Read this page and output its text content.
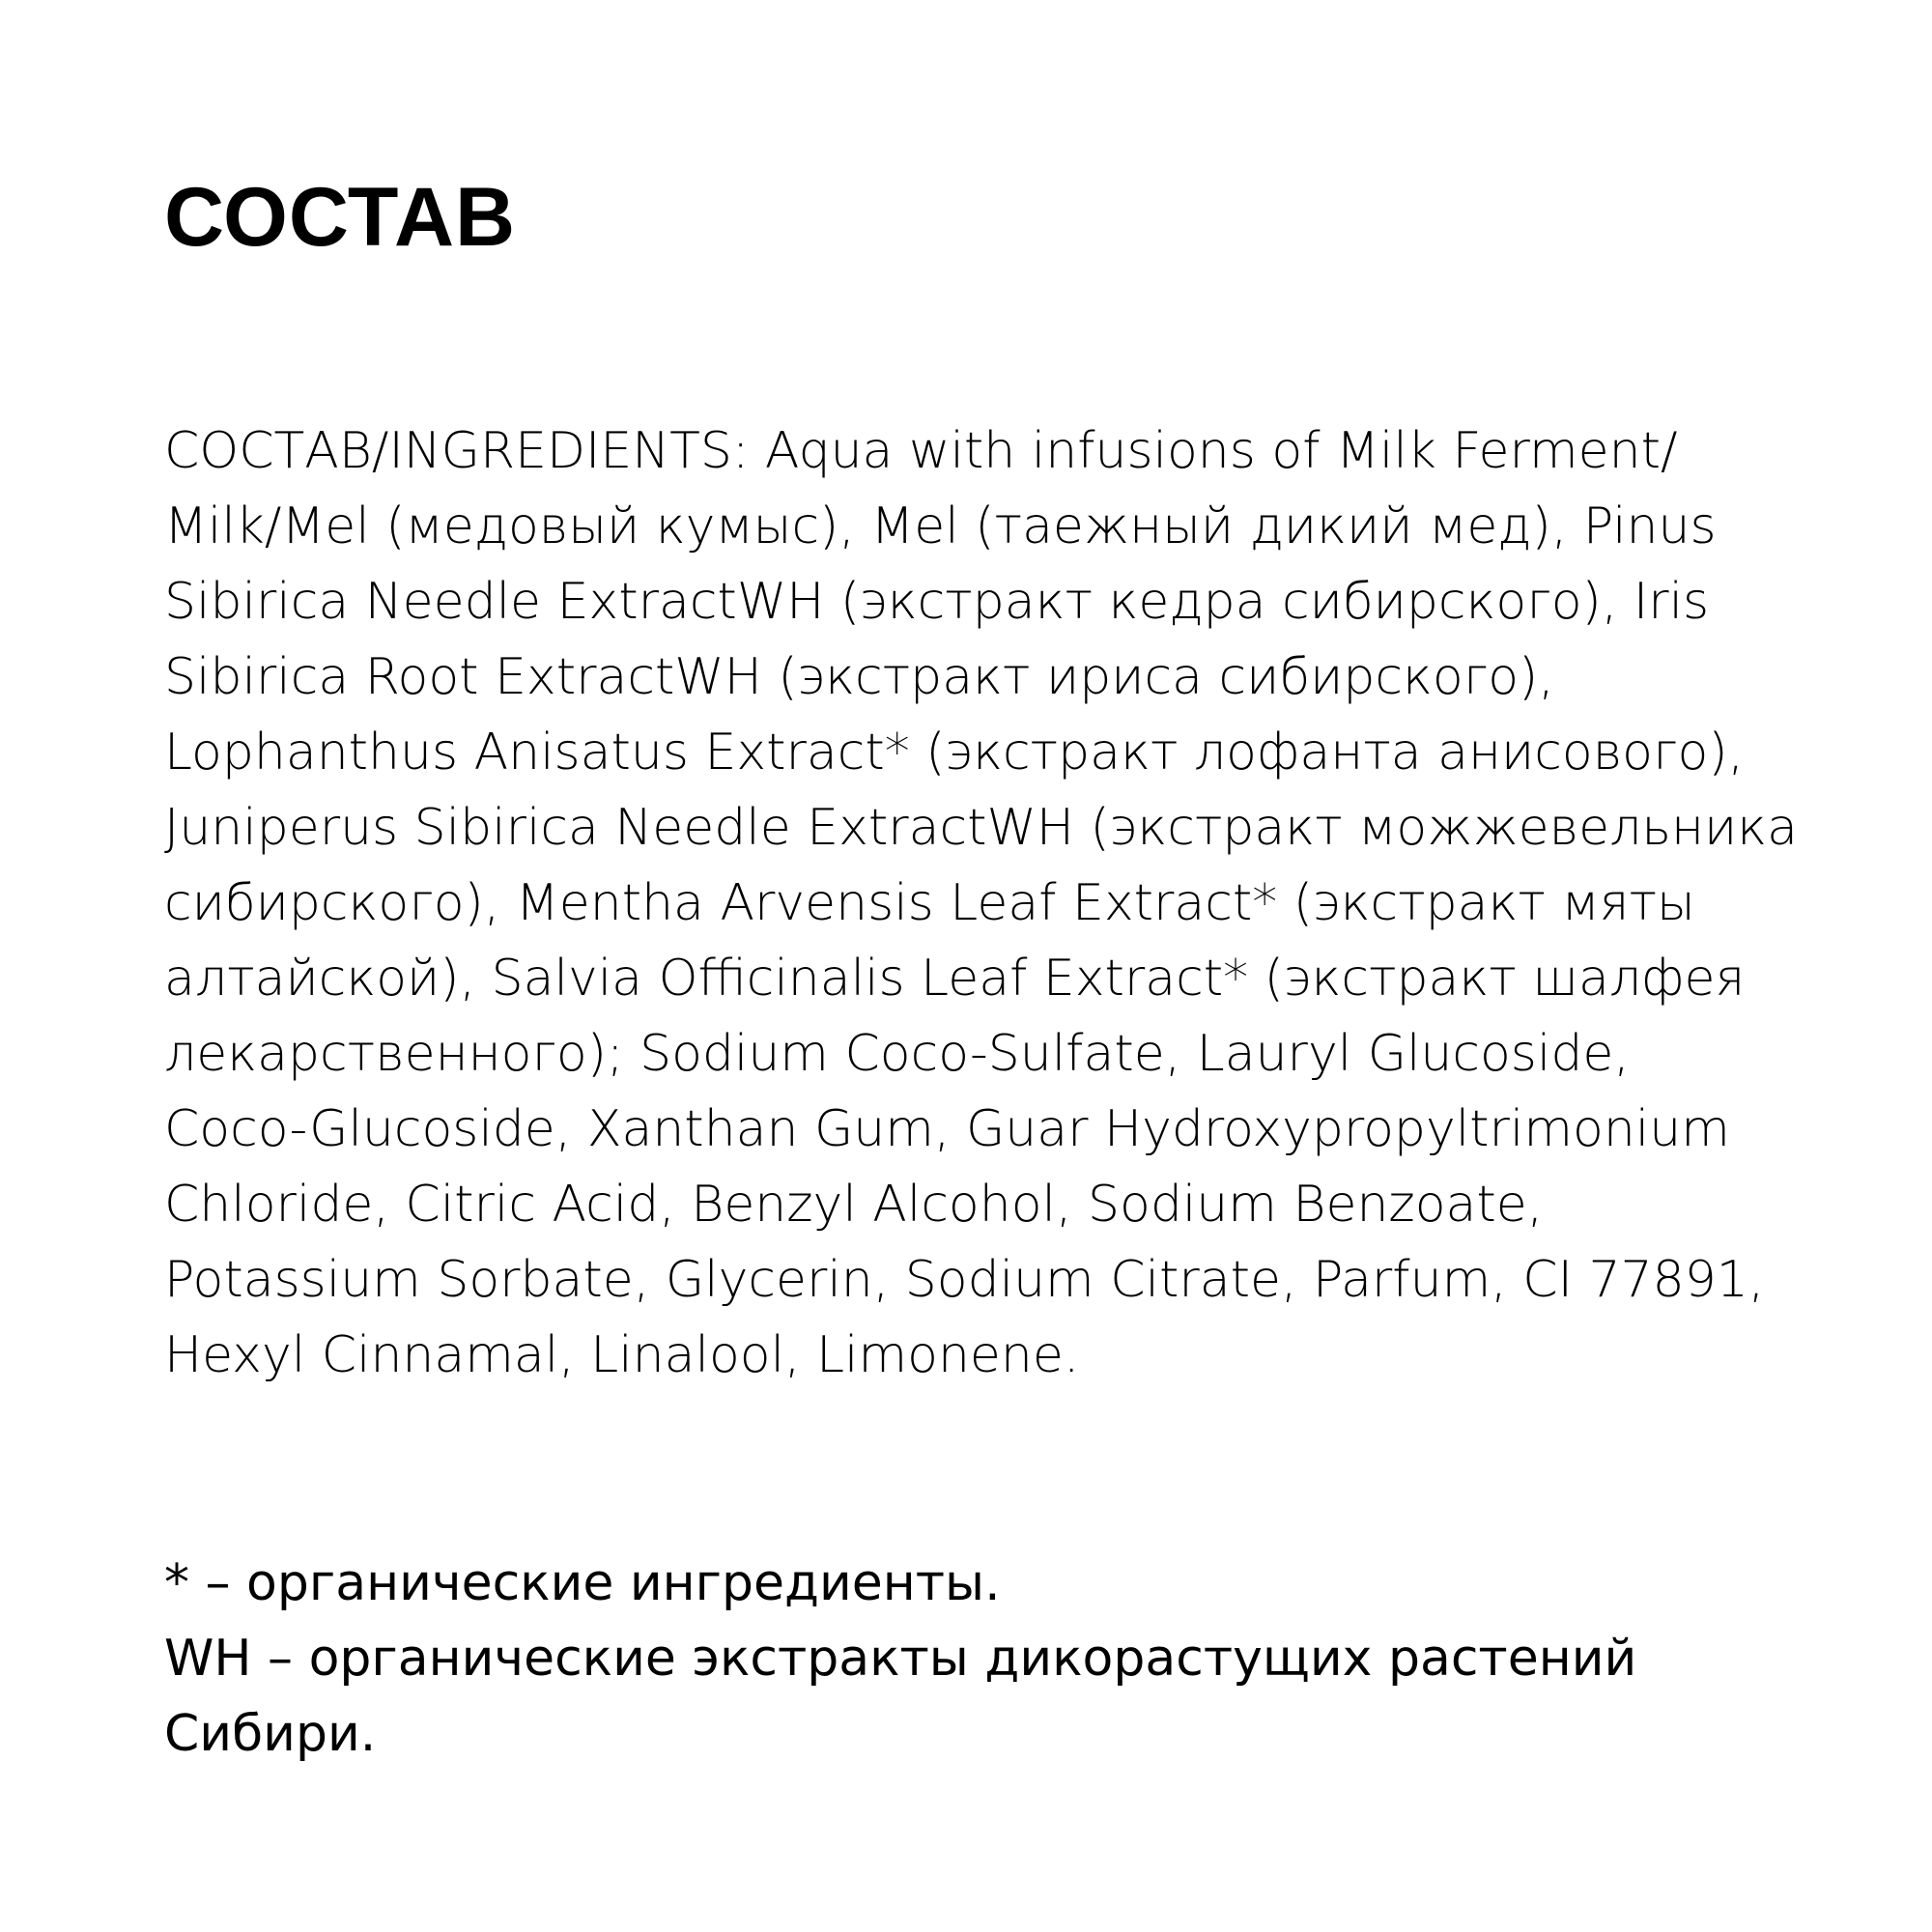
СОСТАВ
СОСТАВ/INGREDIENTS: Aqua with infusions of Milk Ferment/
Milk/Mel (медовый кумыс), Mel (таежный дикий мед), Pinus
Sibirica Needle ExtractWH (экстракт кедра сибирского), Iris
Sibirica Root ExtractWH (экстракт ириса сибирского),
Lophanthus Anisatus Extract* (экстракт лофанта анисового),
Juniperus Sibirica Needle ExtractWH (экстракт можжевельника
сибирского), Mentha Arvensis Leaf Extract* (экстракт мяты
алтайской), Salvia Officinalis Leaf Extract* (экстракт шалфея
лекарственного); Sodium Coco-Sulfate, Lauryl Glucoside,
Coco-Glucoside, Xanthan Gum, Guar Hydroxypropyltrimonium
Chloride, Citric Acid, Benzyl Alcohol, Sodium Benzoate,
Potassium Sorbate, Glycerin, Sodium Citrate, Parfum, CI 77891,
Hexyl Cinnamal, Linalool, Limonene.
* – органические ингредиенты.
WH – органические экстракты дикорастущих растений
Сибири.
